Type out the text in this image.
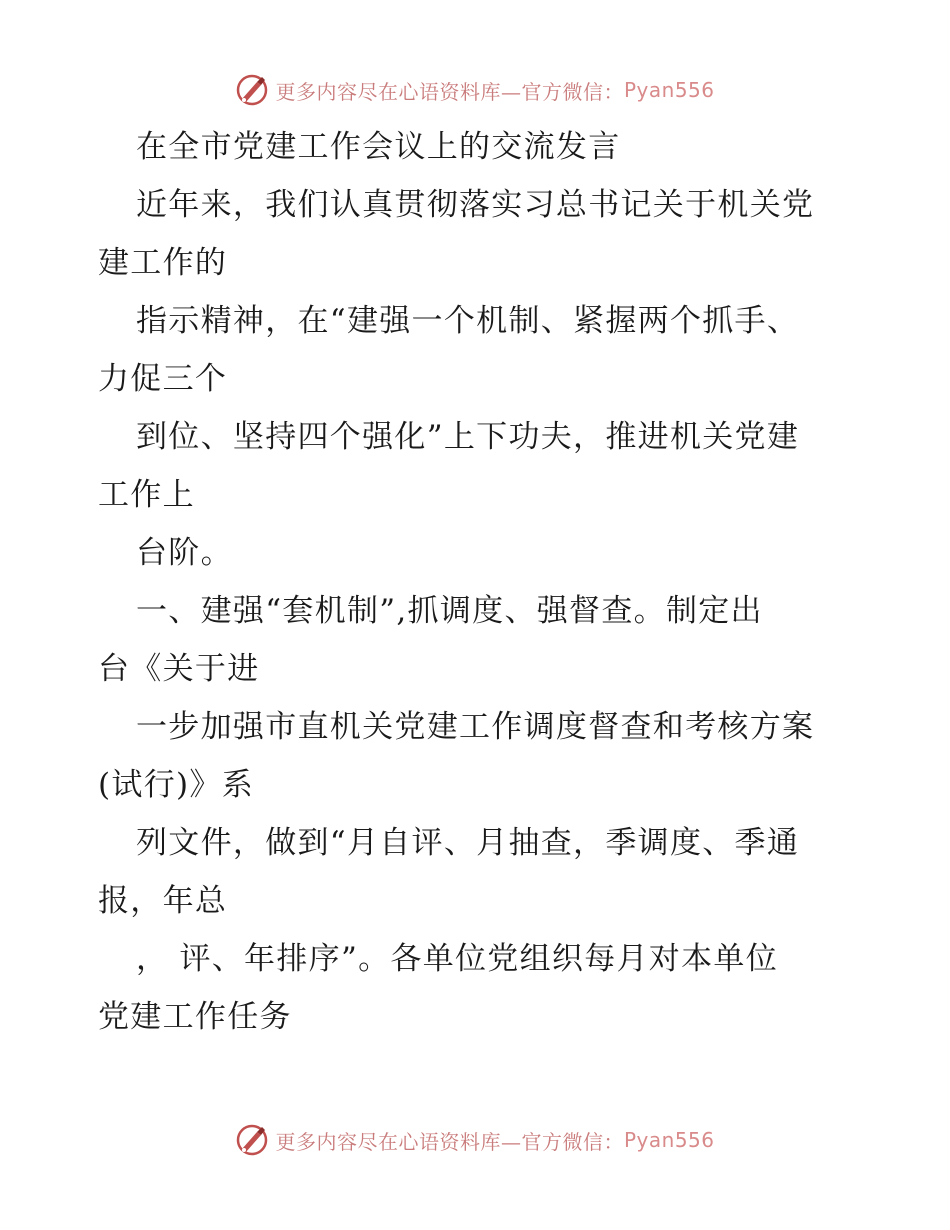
更多内容尽在心语资料库—官方微信： Pyan556
在全市党建工作会议上的交流发言
近年来，我们认真贯彻落实习总书记关于机关党
建工作的
指示精神，在“建强一个机制、紧握两个抓手、
力促三个
到位、坚持四个强化”上下功夫，推进机关党建
工作上
台阶。
一、建强“套机制”,抓调度、强督查。制定出
台《关于进
一步加强市直机关党建工作调度督查和考核方案
(试行)》系
列文件，做到“月自评、月抽查，季调度、季通
报，年总
， 评、年排序”。各单位党组织每月对本单位
党建工作任务
更多内容尽在心语资料库—官方微信： Pyan556
